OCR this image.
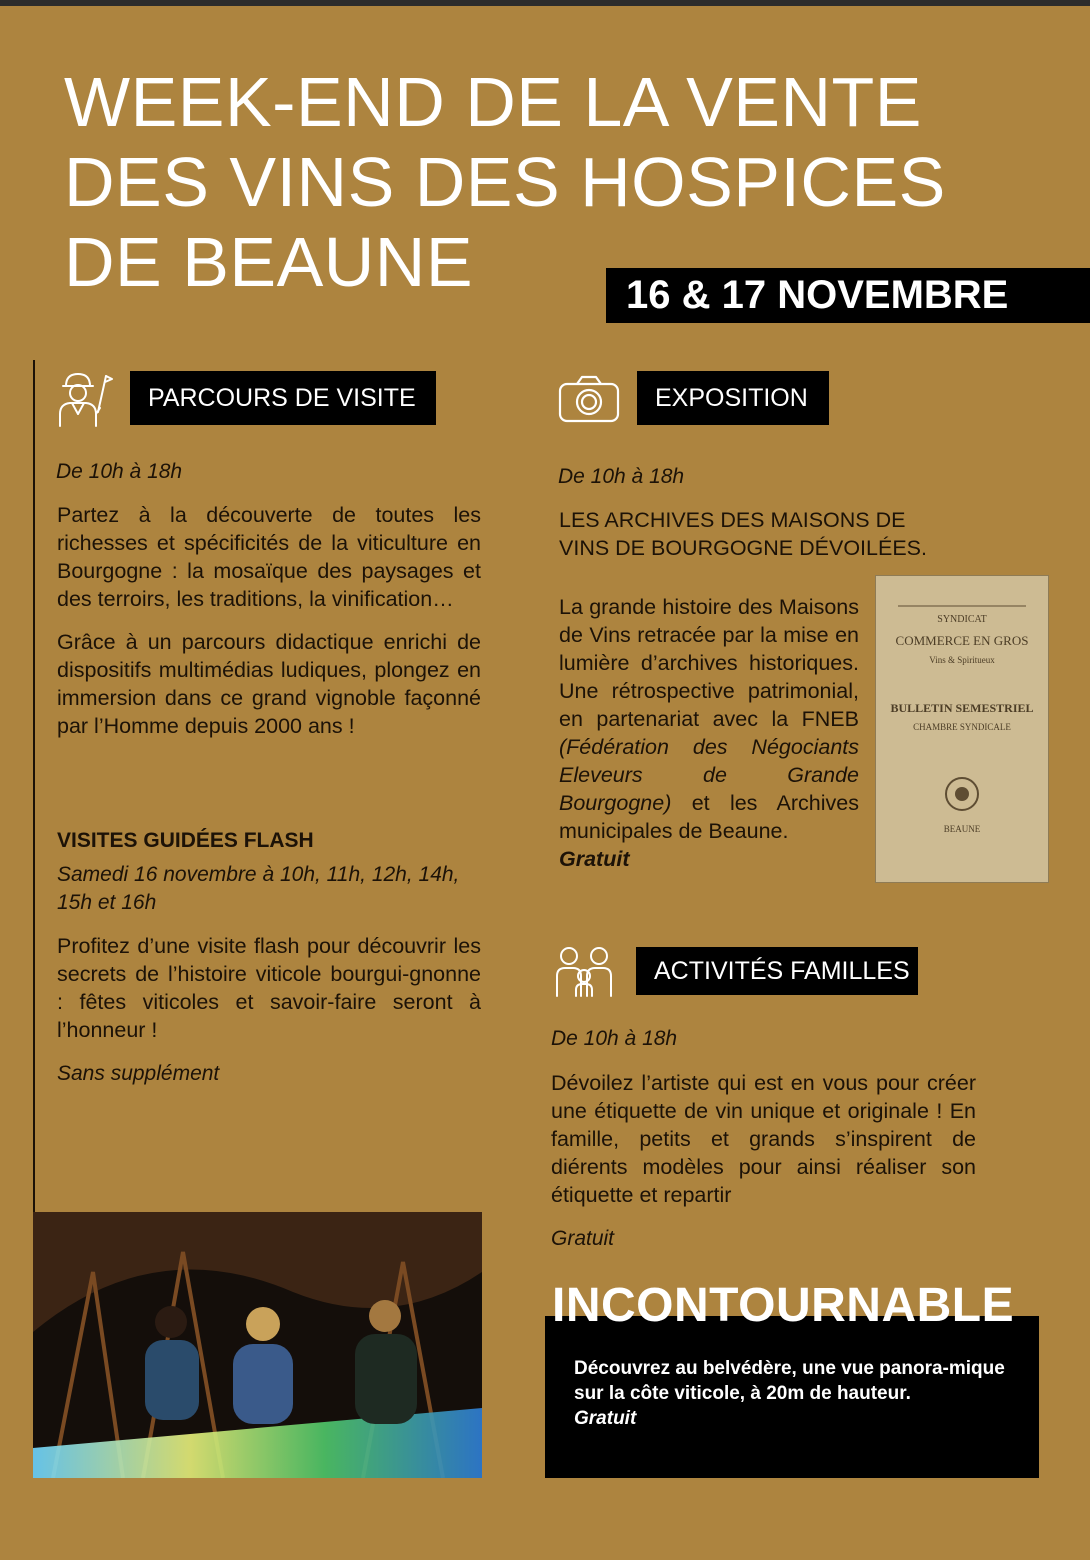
WEEK-END DE LA VENTE
DES VINS DES HOSPICES
DE BEAUNE	16 & 17 NOVEMBRE
PARCOURS DE VISITE
De 10h à 18h

Partez à la découverte de toutes les richesses et spécificités de la viticulture en Bourgogne : la mosaïque des paysages et des terroirs, les traditions, la vinification…

Grâce à un parcours didactique enrichi de dispositifs multimédias ludiques, plongez en immersion dans ce grand vignoble façonné par l’Homme depuis 2000 ans !

VISITES GUIDÉES FLASH
Samedi 16 novembre à 10h, 11h, 12h, 14h, 15h et 16h

Profitez d’une visite flash pour découvrir les secrets de l’histoire viticole bourgui-gnonne : fêtes viticoles et savoir-faire seront à l’honneur !

Sans supplément
EXPOSITION
De 10h à 18h

LES ARCHIVES DES MAISONS DE VINS DE BOURGOGNE DÉVOILÉES.

La grande histoire des Maisons de Vins retracée par la mise en lumière d’archives historiques. Une rétrospective patrimonial, en partenariat avec la FNEB (Fédération des Négociants Eleveurs de Grande Bourgogne) et les Archives municipales de Beaune.
Gratuit

SYNDICAT
COMMERCE EN GROS
Vins & Spiritueux
BULLETIN SEMESTRIEL
CHAMBRE SYNDICALE
BEAUNE
ACTIVITÉS FAMILLES
De 10h à 18h

Dévoilez l’artiste qui est en vous pour créer une étiquette de vin unique et originale ! En famille, petits et grands s’inspirent de diérents modèles pour ainsi réaliser son étiquette et repartir

Gratuit
INCONTOURNABLE

Découvrez au belvédère, une vue panora-mique sur la côte viticole, à 20m de hauteur.
Gratuit
